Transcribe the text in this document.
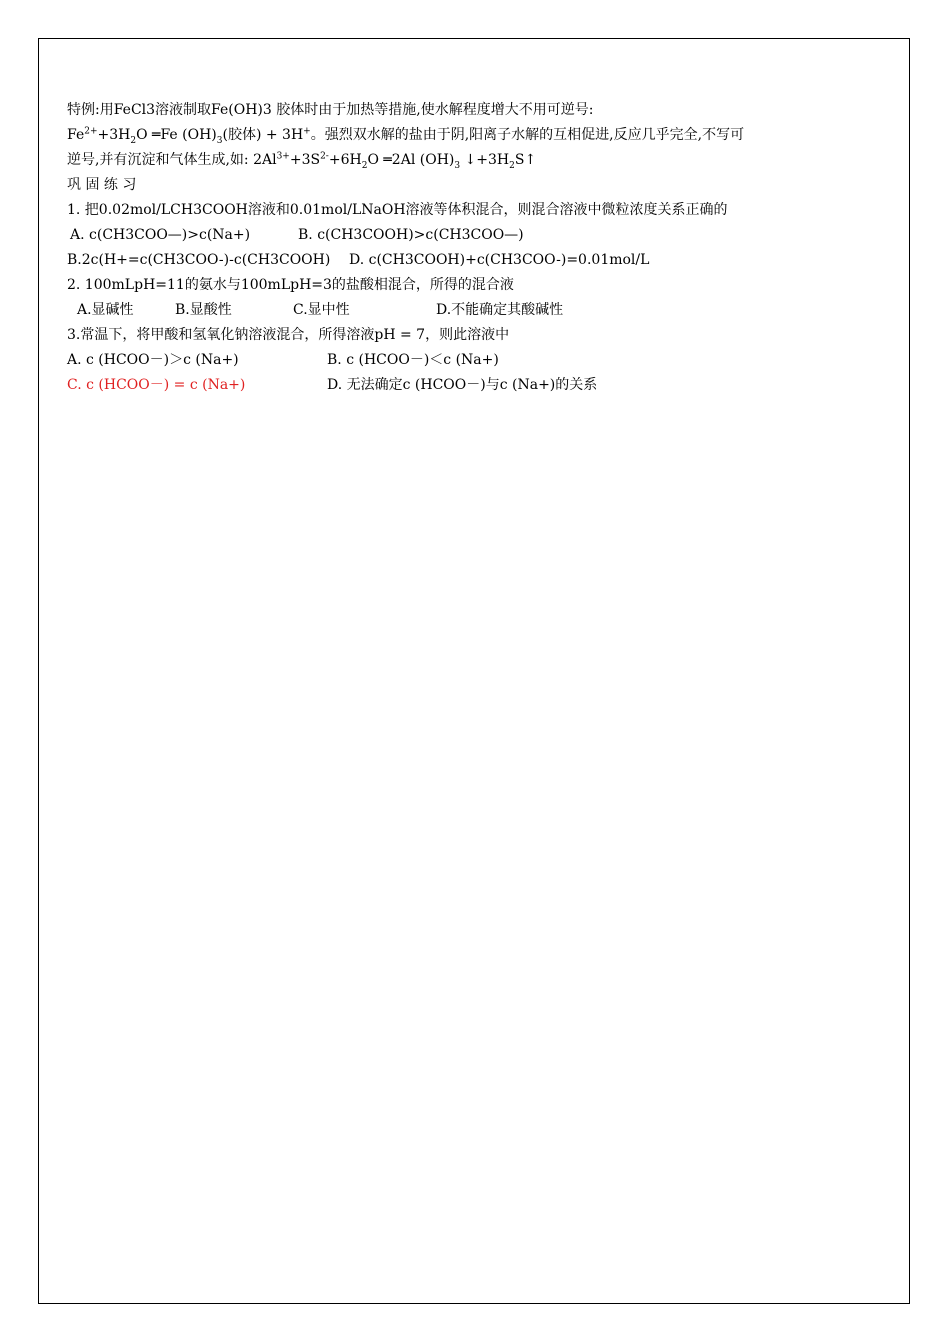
特例:用FeCl3溶液制取Fe(OH)3 胶体时由于加热等措施,使水解程度增大不用可逆号:
$Fe^{2+}+3H_2O$ ═Fe $(OH)_3$(胶体) + 3H+。强烈双水解的盐由于阴,阳离子水解的互相促进,反应几乎完全,不写可
逆号,并有沉淀和气体生成,如: $2Al^{3+}+3S^{2-}+6H_2O$ ═2Al $(OH)_3$ $↓+3H_2S↑$
巩 固 练 习
1. 把0.02mol/LCH3COOH溶液和0.01mol/LNaOH溶液等体积混合，则混合溶液中微粒浓度关系正确的
A. c(CH3COO—)>c(Na+)	B. c(CH3COOH)>c(CH3COO—)
B.2c(H+=c(CH3COO-)-c(CH3COOH) D. c(CH3COOH)+c(CH3COO-)=0.01mol/L
2. 100mLpH=11的氨水与100mLpH=3的盐酸相混合，所得的混合液
A.显碱性	B.显酸性	C.显中性	D.不能确定其酸碱性
3.常温下，将甲酸和氢氧化钠溶液混合，所得溶液pH = 7，则此溶液中
A. c (HCOO－)＞c (Na+)	B. c (HCOO－)＜c (Na+)
C. c (HCOO－) = c (Na+)	D. 无法确定c (HCOO－)与c (Na+)的关系
